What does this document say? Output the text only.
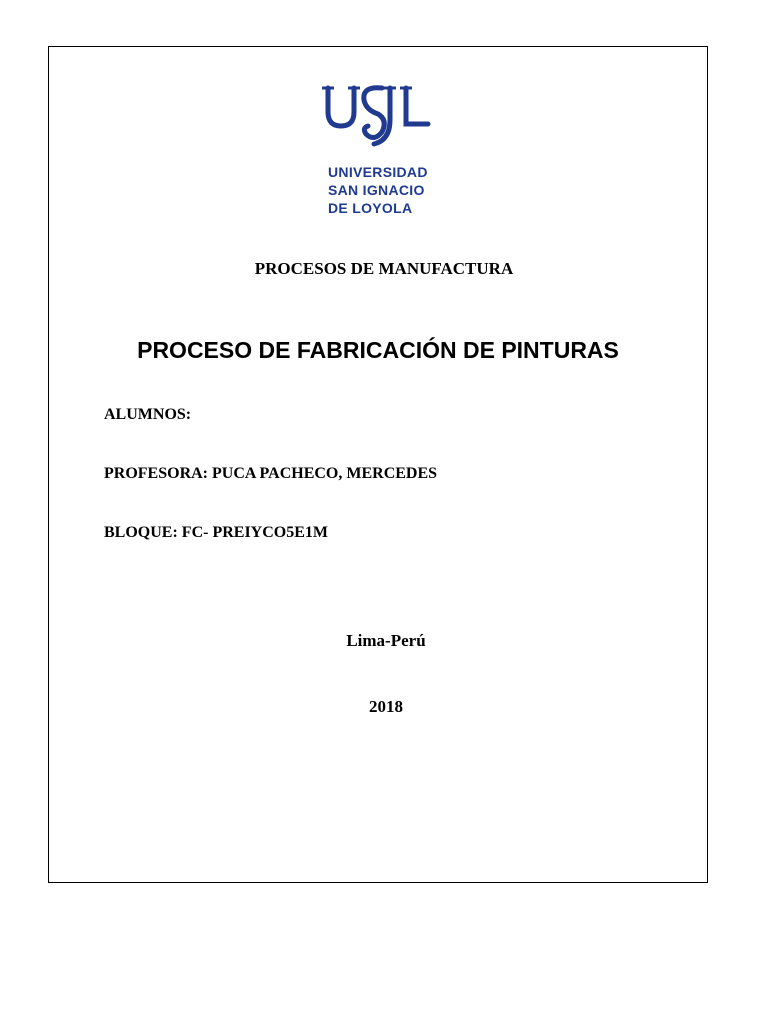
UNIVERSIDAD
SAN IGNACIO
DE LOYOLA
PROCESOS DE MANUFACTURA
PROCESO DE FABRICACIÓN DE PINTURAS
ALUMNOS:
PROFESORA: PUCA PACHECO, MERCEDES
BLOQUE: FC- PREIYCO5E1M
Lima-Perú
2018
